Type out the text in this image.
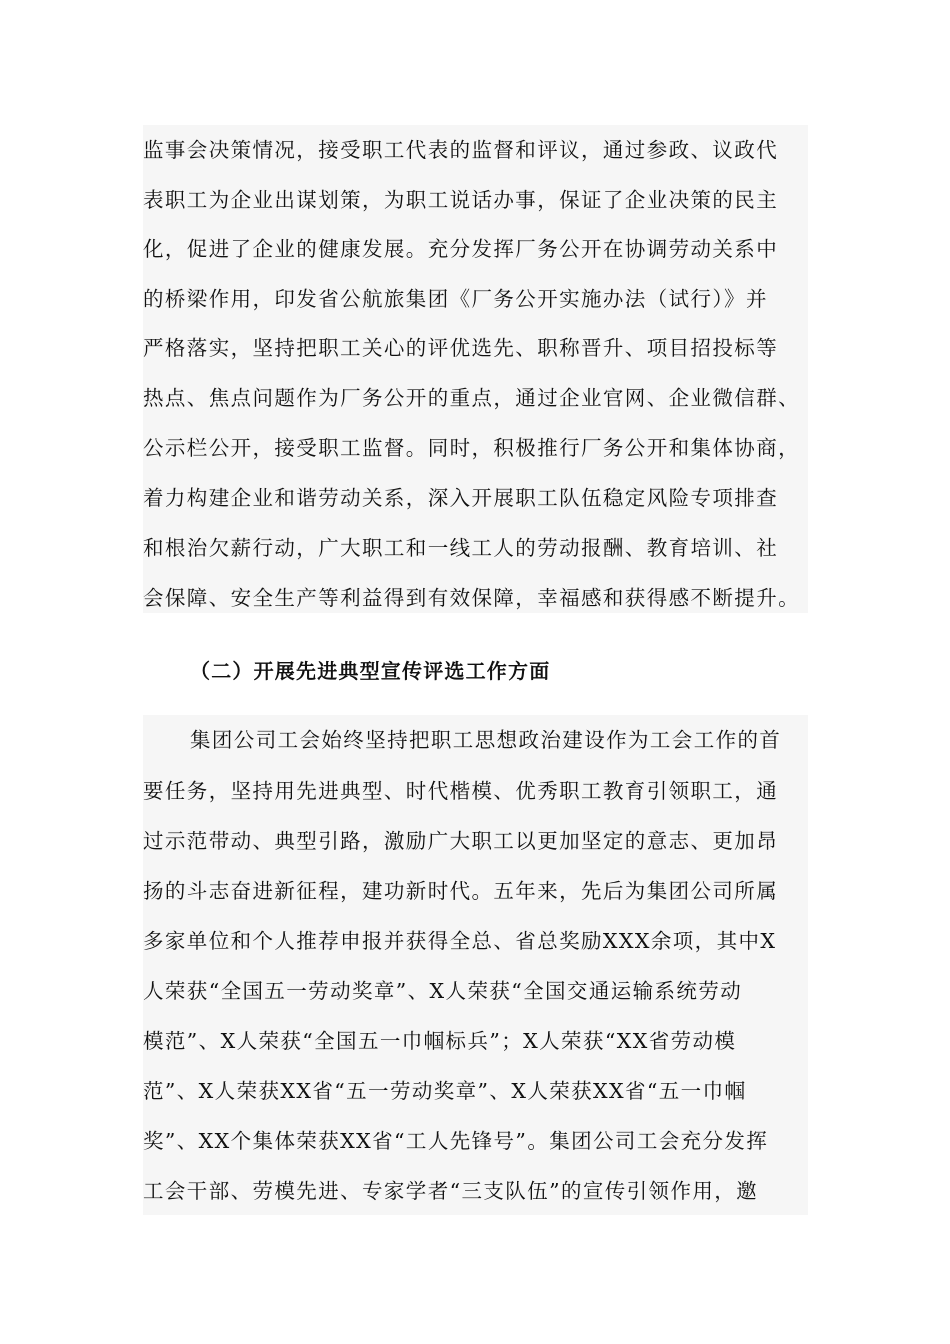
监事会决策情况，接受职工代表的监督和评议，通过参政、议政代
表职工为企业出谋划策，为职工说话办事，保证了企业决策的民主
化，促进了企业的健康发展。充分发挥厂务公开在协调劳动关系中
的桥梁作用，印发省公航旅集团《厂务公开实施办法（试行）》并
严格落实，坚持把职工关心的评优选先、职称晋升、项目招投标等
热点、焦点问题作为厂务公开的重点，通过企业官网、企业微信群、
公示栏公开，接受职工监督。同时，积极推行厂务公开和集体协商，
着力构建企业和谐劳动关系，深入开展职工队伍稳定风险专项排查
和根治欠薪行动，广大职工和一线工人的劳动报酬、教育培训、社
会保障、安全生产等利益得到有效保障，幸福感和获得感不断提升。
（二）开展先进典型宣传评选工作方面
集团公司工会始终坚持把职工思想政治建设作为工会工作的首
要任务，坚持用先进典型、时代楷模、优秀职工教育引领职工，通
过示范带动、典型引路，激励广大职工以更加坚定的意志、更加昂
扬的斗志奋进新征程，建功新时代。五年来，先后为集团公司所属
多家单位和个人推荐申报并获得全总、省总奖励XXX余项，其中X
人荣获“全国五一劳动奖章”、X人荣获“全国交通运输系统劳动
模范”、X人荣获“全国五一巾帼标兵”；X人荣获“XX省劳动模
范”、X人荣获XX省“五一劳动奖章”、X人荣获XX省“五一巾帼
奖”、XX个集体荣获XX省“工人先锋号”。集团公司工会充分发挥
工会干部、劳模先进、专家学者“三支队伍”的宣传引领作用，邀
